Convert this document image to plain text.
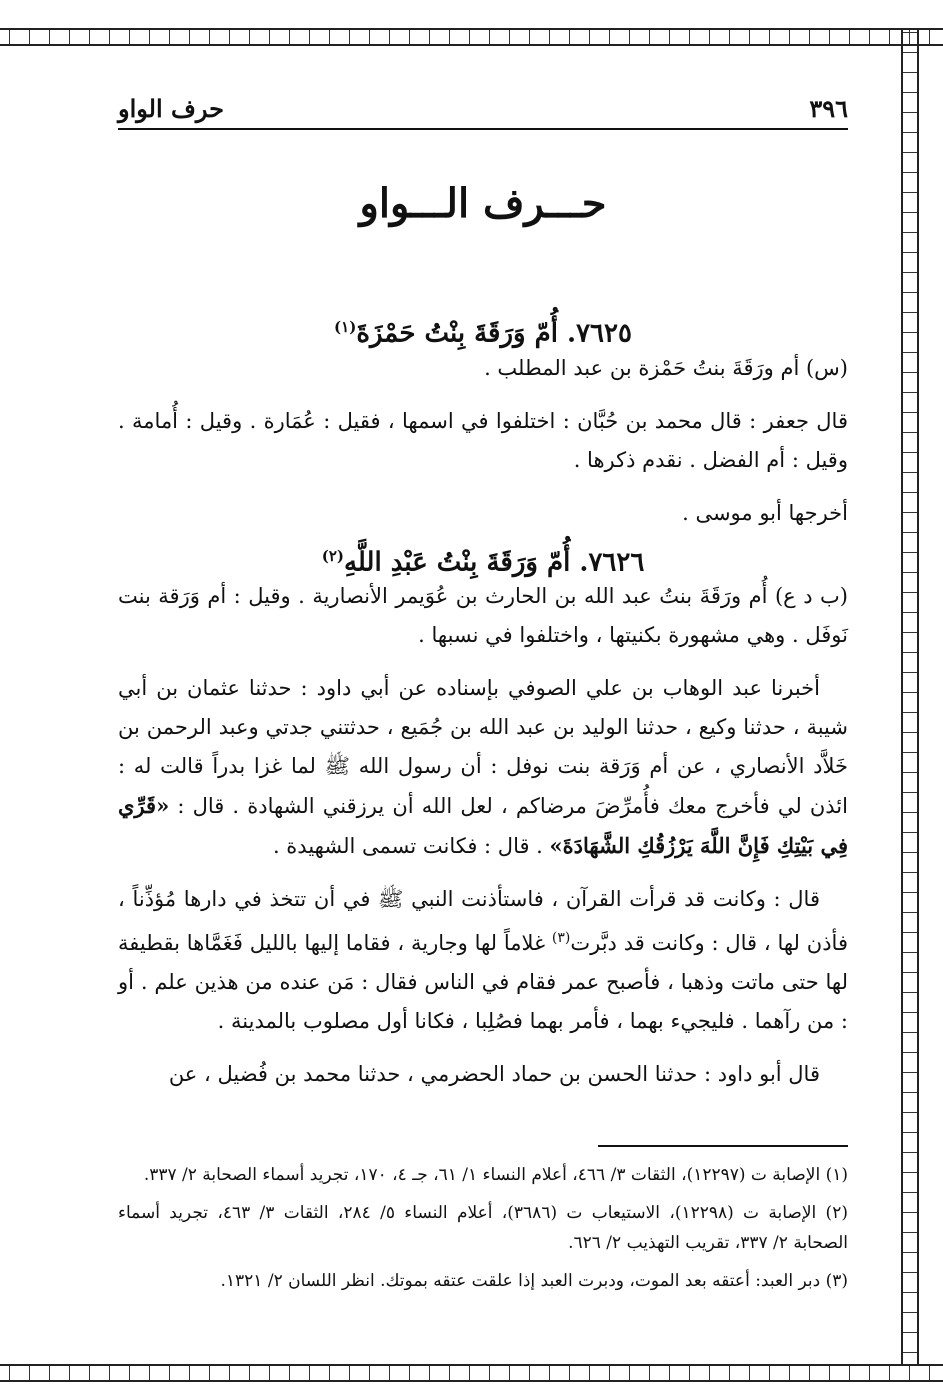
٣٩٦
حرف الواو
حـــرف الـــواو
٧٦٢٥. أُمّ وَرَقَةَ بِنْتُ حَمْزَةَ$^{(١)}$

(س) أم ورَقَةَ بنتُ حَمْزة بن عبد المطلب .

قال جعفر : قال محمد بن حُبَّان : اختلفوا في اسمها ، فقيل : عُمَارة . وقيل : أُمامة . وقيل : أم الفضل . نقدم ذكرها .

أخرجها أبو موسى .

٧٦٢٦. أُمّ وَرَقَةَ بِنْتُ عَبْدِ اللَّهِ$^{(٢)}$

(ب د ع) أُم ورَقَةَ بنتُ عبد الله بن الحارث بن عُوَيمر الأنصارية . وقيل : أم وَرَقة بنت نَوفَل . وهي مشهورة بكنيتها ، واختلفوا في نسبها .

أخبرنا عبد الوهاب بن علي الصوفي بإسناده عن أبي داود : حدثنا عثمان بن أبي شيبة ، حدثنا وكيع ، حدثنا الوليد بن عبد الله بن جُمَيع ، حدثتني جدتي وعبد الرحمن بن خَلاَّد الأنصاري ، عن أم وَرَقة بنت نوفل : أن رسول الله ﷺ لما غزا بدراً قالت له : ائذن لي فأخرج معك فأُمرِّضَ مرضاكم ، لعل الله أن يرزقني الشهادة . قال : «قَرِّي فِي بَيْتِكِ فَإِنَّ اللَّهَ يَرْزُقُكِ الشَّهَادَةَ» . قال : فكانت تسمى الشهيدة .

قال : وكانت قد قرأت القرآن ، فاستأذنت النبي ﷺ في أن تتخذ في دارها مُؤذِّناً ، فأذن لها ، قال : وكانت قد دبَّرت$^{(٣)}$ غلاماً لها وجارية ، فقاما إليها بالليل فَغَمَّاها بقطيفة لها حتى ماتت وذهبا ، فأصبح عمر فقام في الناس فقال : مَن عنده من هذين علم . أو : من رآهما . فليجيء بهما ، فأمر بهما فصُلِبا ، فكانا أول مصلوب بالمدينة .

قال أبو داود : حدثنا الحسن بن حماد الحضرمي ، حدثنا محمد بن فُضيل ، عن

(١) الإصابة ت (١٢٢٩٧)، الثقات ٣/ ٤٦٦، أعلام النساء ١/ ٦١، جـ ٤، ١٧٠، تجريد أسماء الصحابة ٢/ ٣٣٧.

(٢) الإصابة ت (١٢٢٩٨)، الاستيعاب ت (٣٦٨٦)، أعلام النساء ٥/ ٢٨٤، الثقات ٣/ ٤٦٣، تجريد أسماء الصحابة ٢/ ٣٣٧، تقريب التهذيب ٢/ ٦٢٦.

(٣) دبر العبد: أعتقه بعد الموت، ودبرت العبد إذا علقت عتقه بموتك. انظر اللسان ٢/ ١٣٢١.
